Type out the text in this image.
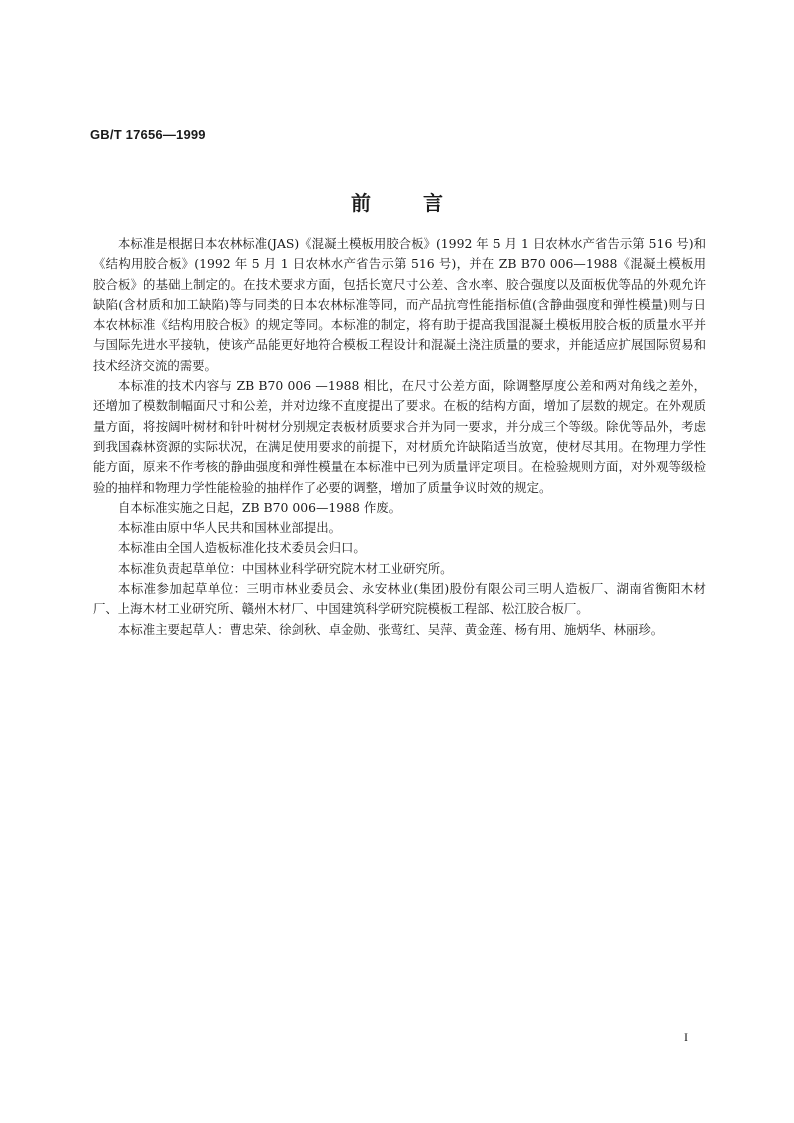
GB/T 17656—1999
前言

本标准是根据日本农林标准(JAS)《混凝土模板用胶合板》(1992 年 5 月 1 日农林水产省告示第 516 号)和《结构用胶合板》(1992 年 5 月 1 日农林水产省告示第 516 号)，并在 ZB B70 006—1988《混凝土模板用胶合板》的基础上制定的。在技术要求方面，包括长宽尺寸公差、含水率、胶合强度以及面板优等品的外观允许缺陷(含材质和加工缺陷)等与同类的日本农林标准等同，而产品抗弯性能指标值(含静曲强度和弹性模量)则与日本农林标准《结构用胶合板》的规定等同。本标准的制定，将有助于提高我国混凝土模板用胶合板的质量水平并与国际先进水平接轨，使该产品能更好地符合模板工程设计和混凝土浇注质量的要求，并能适应扩展国际贸易和技术经济交流的需要。

本标准的技术内容与 ZB B70 006 —1988 相比，在尺寸公差方面，除调整厚度公差和两对角线之差外，还增加了模数制幅面尺寸和公差，并对边缘不直度提出了要求。在板的结构方面，增加了层数的规定。在外观质量方面，将按阔叶树材和针叶树材分别规定表板材质要求合并为同一要求，并分成三个等级。除优等品外，考虑到我国森林资源的实际状况，在满足使用要求的前提下，对材质允许缺陷适当放宽，使材尽其用。在物理力学性能方面，原来不作考核的静曲强度和弹性模量在本标准中已列为质量评定项目。在检验规则方面，对外观等级检验的抽样和物理力学性能检验的抽样作了必要的调整，增加了质量争议时效的规定。

自本标准实施之日起，ZB B70 006—1988 作废。

本标准由原中华人民共和国林业部提出。

本标准由全国人造板标准化技术委员会归口。

本标准负责起草单位：中国林业科学研究院木材工业研究所。

本标准参加起草单位：三明市林业委员会、永安林业(集团)股份有限公司三明人造板厂、湖南省衡阳木材厂、上海木材工业研究所、赣州木材厂、中国建筑科学研究院模板工程部、松江胶合板厂。

本标准主要起草人：曹忠荣、徐剑秋、卓金勋、张莺红、吴萍、黄金莲、杨有用、施炳华、林丽珍。

I
